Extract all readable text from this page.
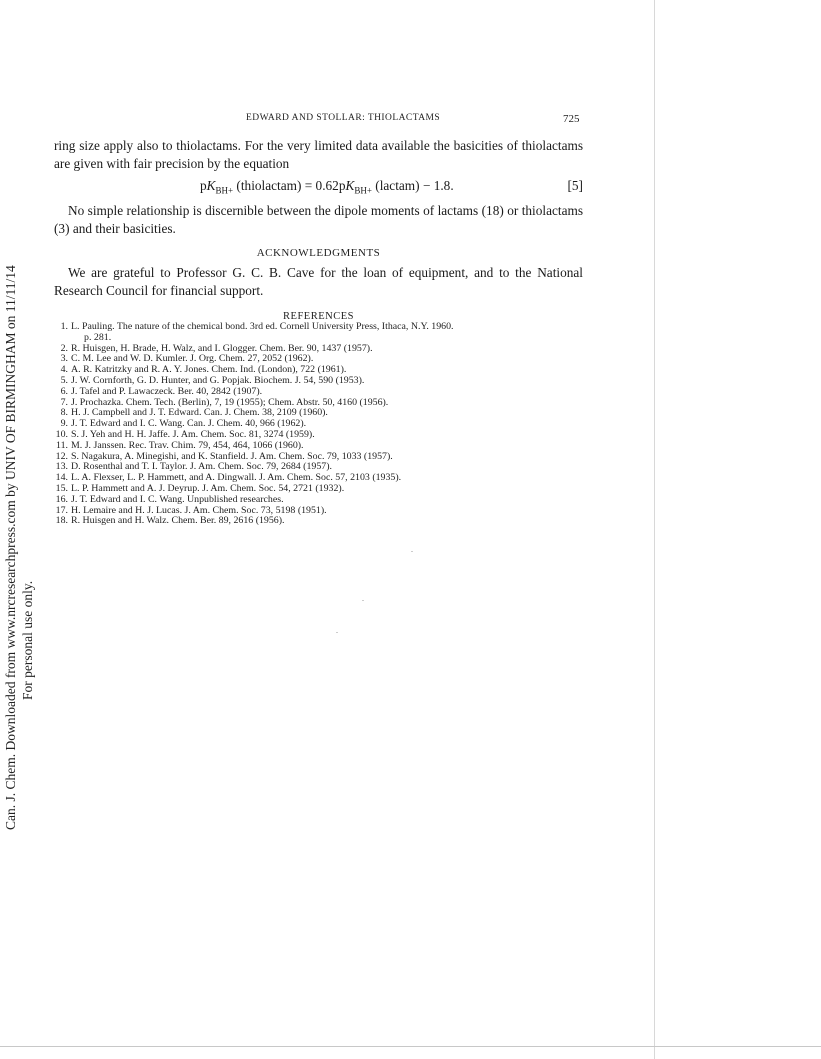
Can. J. Chem. Downloaded from www.nrcresearchpress.com by UNIV OF BIRMINGHAM on 11/11/14 For personal use only.
EDWARD AND STOLLAR: THIOLACTAMS	725

ring size apply also to thiolactams. For the very limited data available the basicities of thiolactams are given with fair precision by the equation

$pK_{BH+}$ (thiolactam) = $0.62pK_{BH+}$ (lactam) − 1.8.	[5]

No simple relationship is discernible between the dipole moments of lactams (18) or thiolactams (3) and their basicities.

ACKNOWLEDGMENTS

We are grateful to Professor G. C. B. Cave for the loan of equipment, and to the National Research Council for financial support.

REFERENCES
1. L. Pauling. The nature of the chemical bond. 3rd ed. Cornell University Press, Ithaca, N.Y. 1960.
p. 281.
2. R. Huisgen, H. Brade, H. Walz, and I. Glogger. Chem. Ber. 90, 1437 (1957).
3. C. M. Lee and W. D. Kumler. J. Org. Chem. 27, 2052 (1962).
4. A. R. Katritzky and R. A. Y. Jones. Chem. Ind. (London), 722 (1961).
5. J. W. Cornforth, G. D. Hunter, and G. Popjak. Biochem. J. 54, 590 (1953).
6. J. Tafel and P. Lawaczeck. Ber. 40, 2842 (1907).
7. J. Prochazka. Chem. Tech. (Berlin), 7, 19 (1955); Chem. Abstr. 50, 4160 (1956).
8. H. J. Campbell and J. T. Edward. Can. J. Chem. 38, 2109 (1960).
9. J. T. Edward and I. C. Wang. Can. J. Chem. 40, 966 (1962).
10. S. J. Yeh and H. H. Jaffe. J. Am. Chem. Soc. 81, 3274 (1959).
11. M. J. Janssen. Rec. Trav. Chim. 79, 454, 464, 1066 (1960).
12. S. Nagakura, A. Minegishi, and K. Stanfield. J. Am. Chem. Soc. 79, 1033 (1957).
13. D. Rosenthal and T. I. Taylor. J. Am. Chem. Soc. 79, 2684 (1957).
14. L. A. Flexser, L. P. Hammett, and A. Dingwall. J. Am. Chem. Soc. 57, 2103 (1935).
15. L. P. Hammett and A. J. Deyrup. J. Am. Chem. Soc. 54, 2721 (1932).
16. J. T. Edward and I. C. Wang. Unpublished researches.
17. H. Lemaire and H. J. Lucas. J. Am. Chem. Soc. 73, 5198 (1951).
18. R. Huisgen and H. Walz. Chem. Ber. 89, 2616 (1956).
